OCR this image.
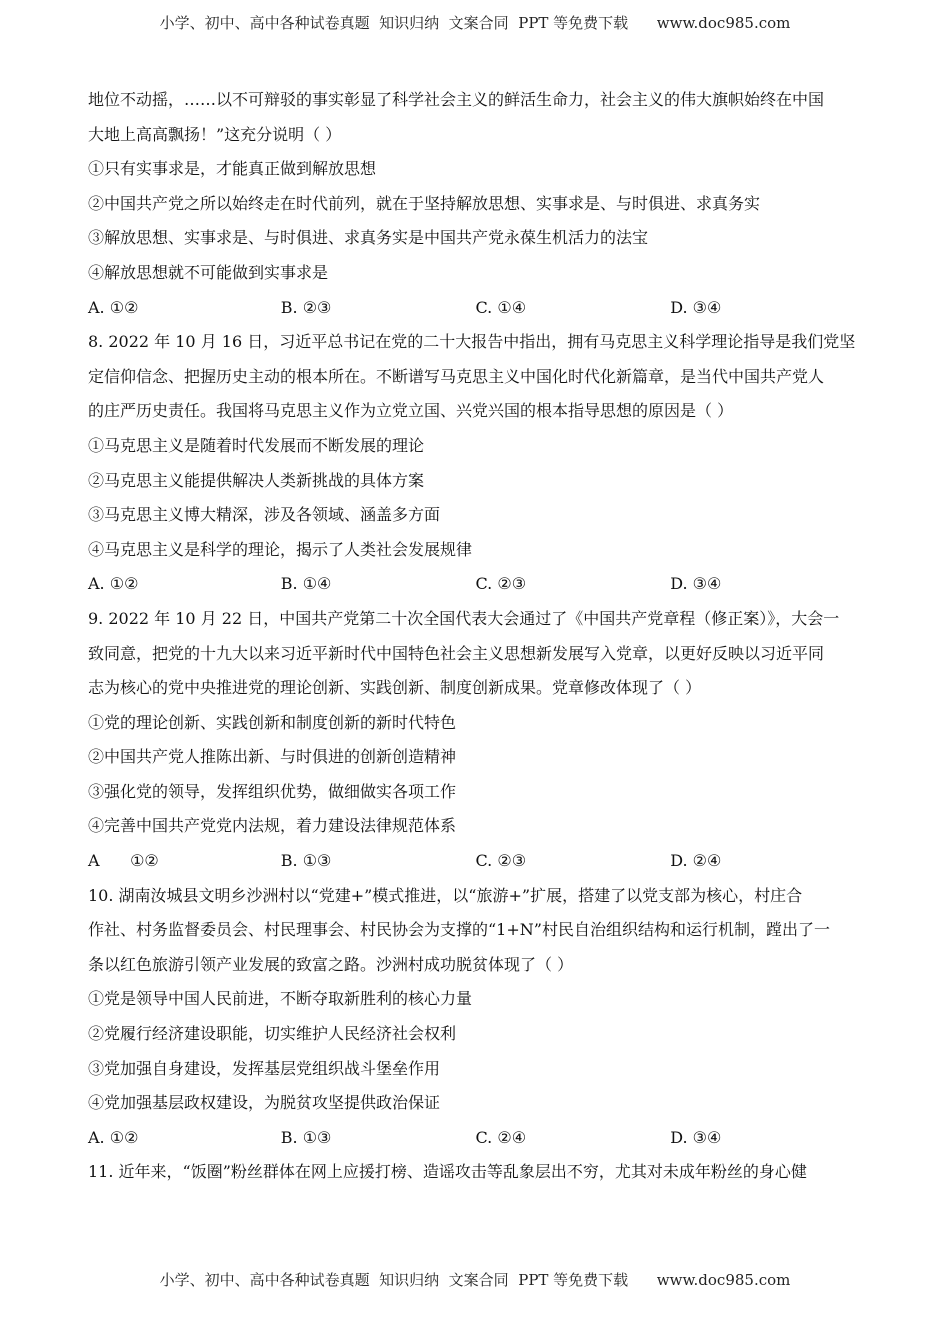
小学、初中、高中各种试卷真题  知识归纳  文案合同  PPT 等免费下载      www.doc985.com
地位不动摇，……以不可辩驳的事实彰显了科学社会主义的鲜活生命力，社会主义的伟大旗帜始终在中国
大地上高高飘扬！”这充分说明（ ）
①只有实事求是，才能真正做到解放思想
②中国共产党之所以始终走在时代前列，就在于坚持解放思想、实事求是、与时俱进、求真务实
③解放思想、实事求是、与时俱进、求真务实是中国共产党永葆生机活力的法宝
④解放思想就不可能做到实事求是
A. ①②	B. ②③	C. ①④	D. ③④
8. 2022 年 10 月 16 日，习近平总书记在党的二十大报告中指出，拥有马克思主义科学理论指导是我们党坚
定信仰信念、把握历史主动的根本所在。不断谱写马克思主义中国化时代化新篇章，是当代中国共产党人
的庄严历史责任。我国将马克思主义作为立党立国、兴党兴国的根本指导思想的原因是（ ）
①马克思主义是随着时代发展而不断发展的理论
②马克思主义能提供解决人类新挑战的具体方案
③马克思主义博大精深，涉及各领域、涵盖多方面
④马克思主义是科学的理论，揭示了人类社会发展规律
A. ①②	B. ①④	C. ②③	D. ③④
9. 2022 年 10 月 22 日，中国共产党第二十次全国代表大会通过了《中国共产党章程（修正案）》，大会一
致同意，把党的十九大以来习近平新时代中国特色社会主义思想新发展写入党章，以更好反映以习近平同
志为核心的党中央推进党的理论创新、实践创新、制度创新成果。党章修改体现了（ ）
①党的理论创新、实践创新和制度创新的新时代特色
②中国共产党人推陈出新、与时俱进的创新创造精神
③强化党的领导，发挥组织优势，做细做实各项工作
④完善中国共产党党内法规，着力建设法律规范体系
A      ①②	B. ①③	C. ②③	D. ②④
10. 湖南汝城县文明乡沙洲村以“党建+”模式推进，以“旅游+”扩展，搭建了以党支部为核心，村庄合
作社、村务监督委员会、村民理事会、村民协会为支撑的“1+N”村民自治组织结构和运行机制，蹚出了一
条以红色旅游引领产业发展的致富之路。沙洲村成功脱贫体现了（ ）
①党是领导中国人民前进，不断夺取新胜利的核心力量
②党履行经济建设职能，切实维护人民经济社会权利
③党加强自身建设，发挥基层党组织战斗堡垒作用
④党加强基层政权建设，为脱贫攻坚提供政治保证
A. ①②	B. ①③	C. ②④	D. ③④
11. 近年来，“饭圈”粉丝群体在网上应援打榜、造谣攻击等乱象层出不穷，尤其对未成年粉丝的身心健
小学、初中、高中各种试卷真题  知识归纳  文案合同  PPT 等免费下载      www.doc985.com
